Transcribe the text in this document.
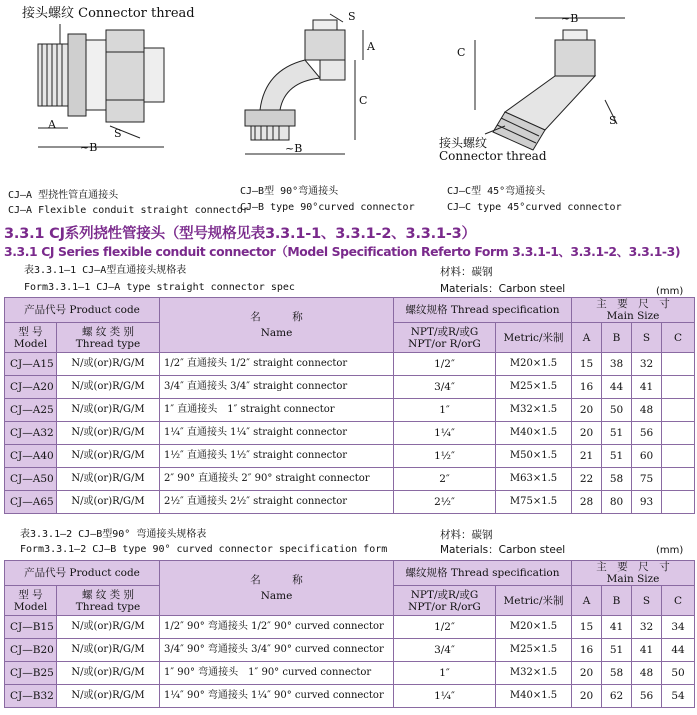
接头螺纹 Connector thread
A
~B
S
CJ—A 型挠性管直通接头
CJ—A Flexible conduit straight connector
S
A
C
~B
CJ—B型 90°弯通接头
CJ—B type 90°curved connector
C
~B
S
接头螺纹
Connector thread
CJ—C型 45°弯通接头
CJ—C type 45°curved connector
3.3.1 CJ系列挠性管接头（型号规格见表3.3.1-1、3.3.1-2、3.3.1-3）
3.3.1 CJ Series flexible conduit connector（Model Specification Referto Form 3.3.1-1、3.3.1-2、3.3.1-3)
表3.3.1—1 CJ—A型直通接头规格表
Form3.3.1—1 CJ—A type straight connector spec
材料：碳钢
Materials：Carbon steel	(mm)
产品代号 Product code		名　　　称
Name	螺纹规格 Thread specification		主　要　尺　寸
Main Size			
型 号
Model	螺 纹 类 别
Thread type		NPT/或R/或G
NPT/or R/orG	Metric/米制	A	B	S	C
CJ—A15	N/或(or)R/G/M	1/2″ 直通接头 1/2″ straight connector	1/2″	M20×1.5	15	38	32	
CJ—A20	N/或(or)R/G/M	3/4″ 直通接头 3/4″ straight connector	3/4″	M25×1.5	16	44	41	
CJ—A25	N/或(or)R/G/M	1″ 直通接头　1″ straight connector	1″	M32×1.5	20	50	48	
CJ—A32	N/或(or)R/G/M	1¼″ 直通接头 1¼″ straight connector	1¼″	M40×1.5	20	51	56	
CJ—A40	N/或(or)R/G/M	1½″ 直通接头 1½″ straight connector	1½″	M50×1.5	21	51	60	
CJ—A50	N/或(or)R/G/M	2″ 90° 直通接头 2″ 90° straight connector	2″	M63×1.5	22	58	75	
CJ—A65	N/或(or)R/G/M	2½″ 直通接头 2½″ straight connector	2½″	M75×1.5	28	80	93	
表3.3.1—2 CJ—B型90° 弯通接头规格表
Form3.3.1—2 CJ—B type 90° curved connector specification form
材料：碳钢
Materials：Carbon steel	(mm)
产品代号 Product code		名　　　称
Name	螺纹规格 Thread specification		主　要　尺　寸
Main Size			
型 号
Model	螺 纹 类 别
Thread type		NPT/或R/或G
NPT/or R/orG	Metric/米制	A	B	S	C
CJ—B15	N/或(or)R/G/M	1/2″ 90° 弯通接头 1/2″ 90° curved connector	1/2″	M20×1.5	15	41	32	34
CJ—B20	N/或(or)R/G/M	3/4″ 90° 弯通接头 3/4″ 90° curved connector	3/4″	M25×1.5	16	51	41	44
CJ—B25	N/或(or)R/G/M	1″ 90° 弯通接头　1″ 90° curved connector	1″	M32×1.5	20	58	48	50
CJ—B32	N/或(or)R/G/M	1¼″ 90° 弯通接头 1¼″ 90° curved connector	1¼″	M40×1.5	20	62	56	54
